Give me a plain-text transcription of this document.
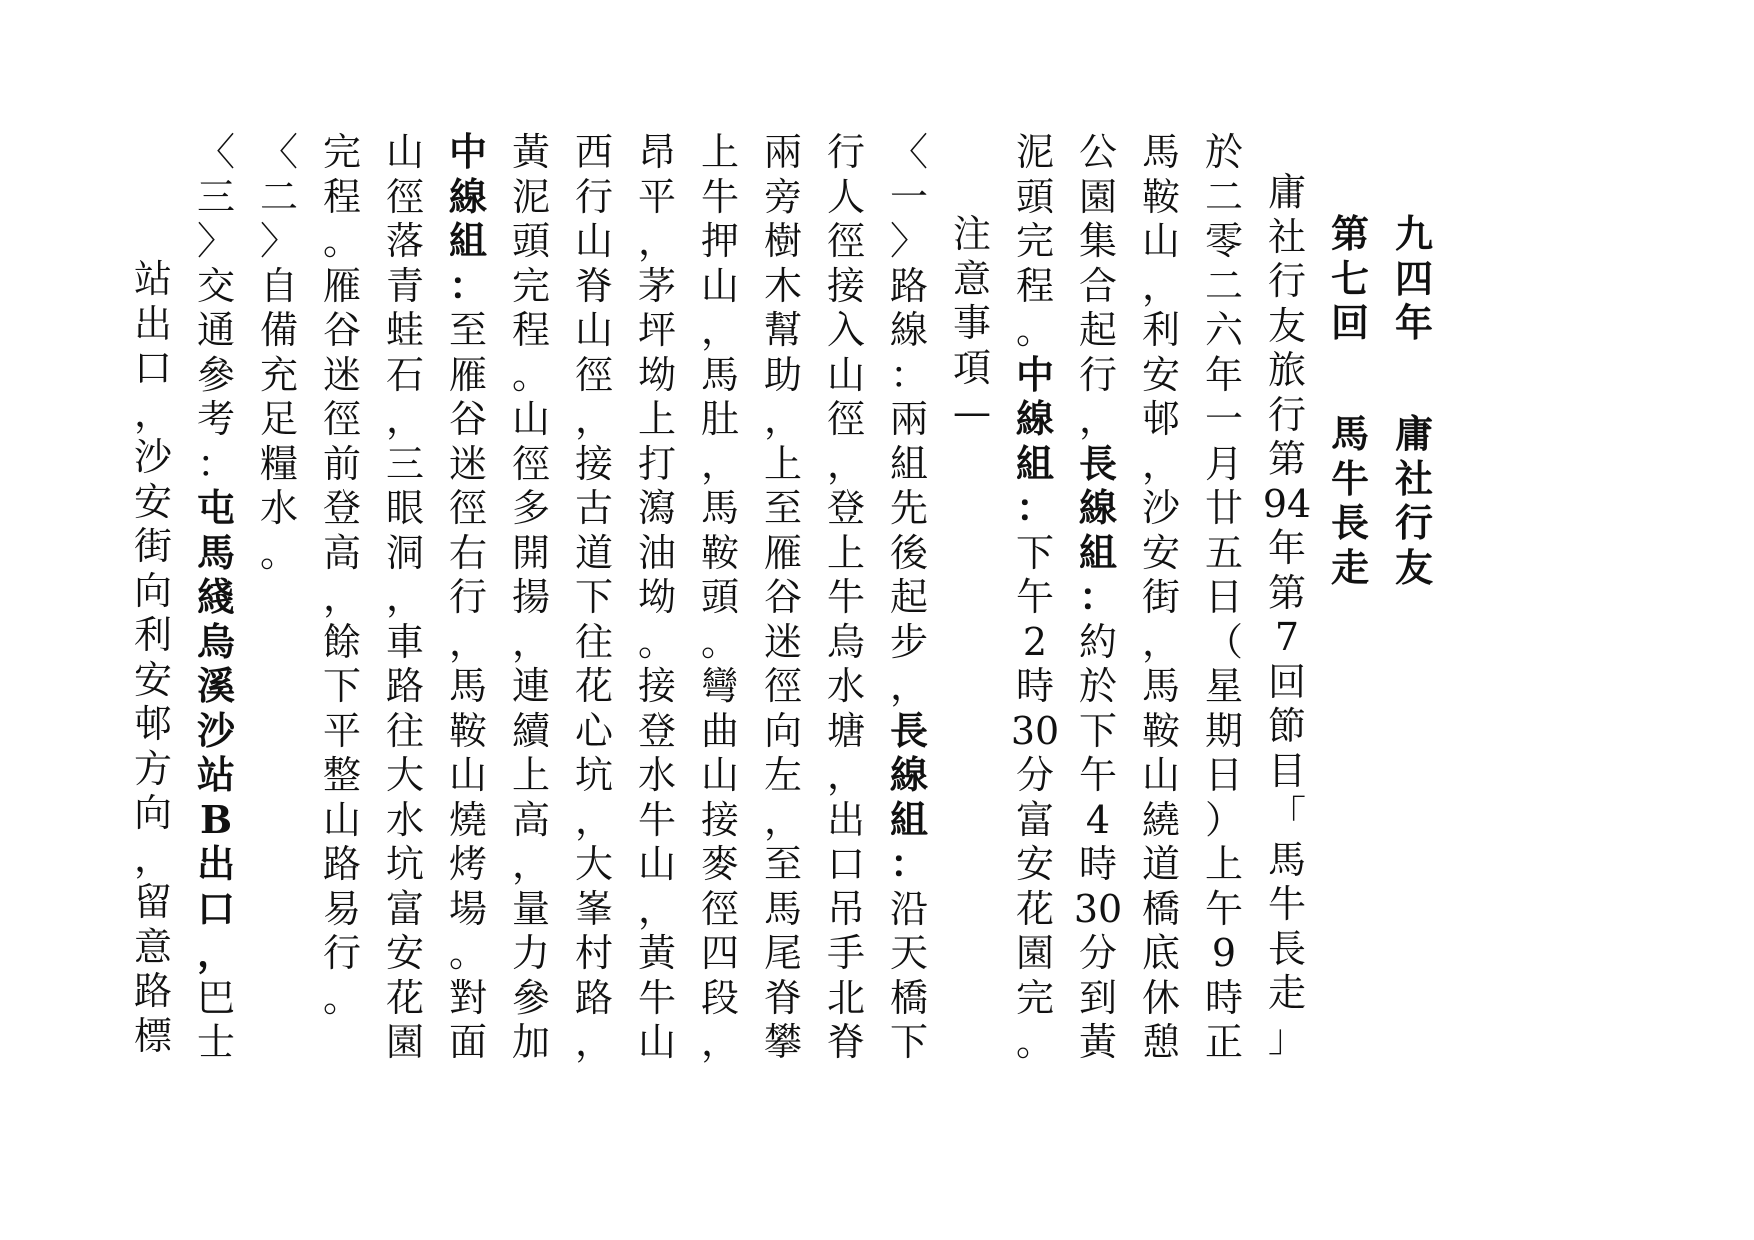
九四年
庸社行友
第七回
馬牛長走
庸社行友旅行第94年第7回節目「馬牛長走」
於二零二六年一月廿五日（星期日）上午9時正
馬鞍山，利安邨，沙安街，馬鞍山繞道橋底休憩
公園集合起行，長線組：約於下午4時30分到黃
泥頭完程。中線組：下午2時30分富安花園完。
注意事項—
〈一〉路線：兩組先後起步，長線組：沿天橋下
行人徑接入山徑，登上牛烏水塘，出口吊手北脊
兩旁樹木幫助，上至雁谷迷徑向左，至馬尾脊攀
上牛押山，馬肚，馬鞍頭。彎曲山接麥徑四段，
昂平，茅坪坳上打瀉油坳。接登水牛山，黃牛山
西行山脊山徑，接古道下往花心坑，大峯村路，
黃泥頭完程。山徑多開揚，連續上高，量力參加
中線組：至雁谷迷徑右行，馬鞍山燒烤場。對面
山徑落青蛙石，三眼洞，車路往大水坑富安花園
完程。雁谷迷徑前登高，餘下平整山路易行。
〈二〉自備充足糧水。
〈三〉交通參考：屯馬綫烏溪沙站B出口，巴士
站出口，沙安街向利安邨方向，留意路標
